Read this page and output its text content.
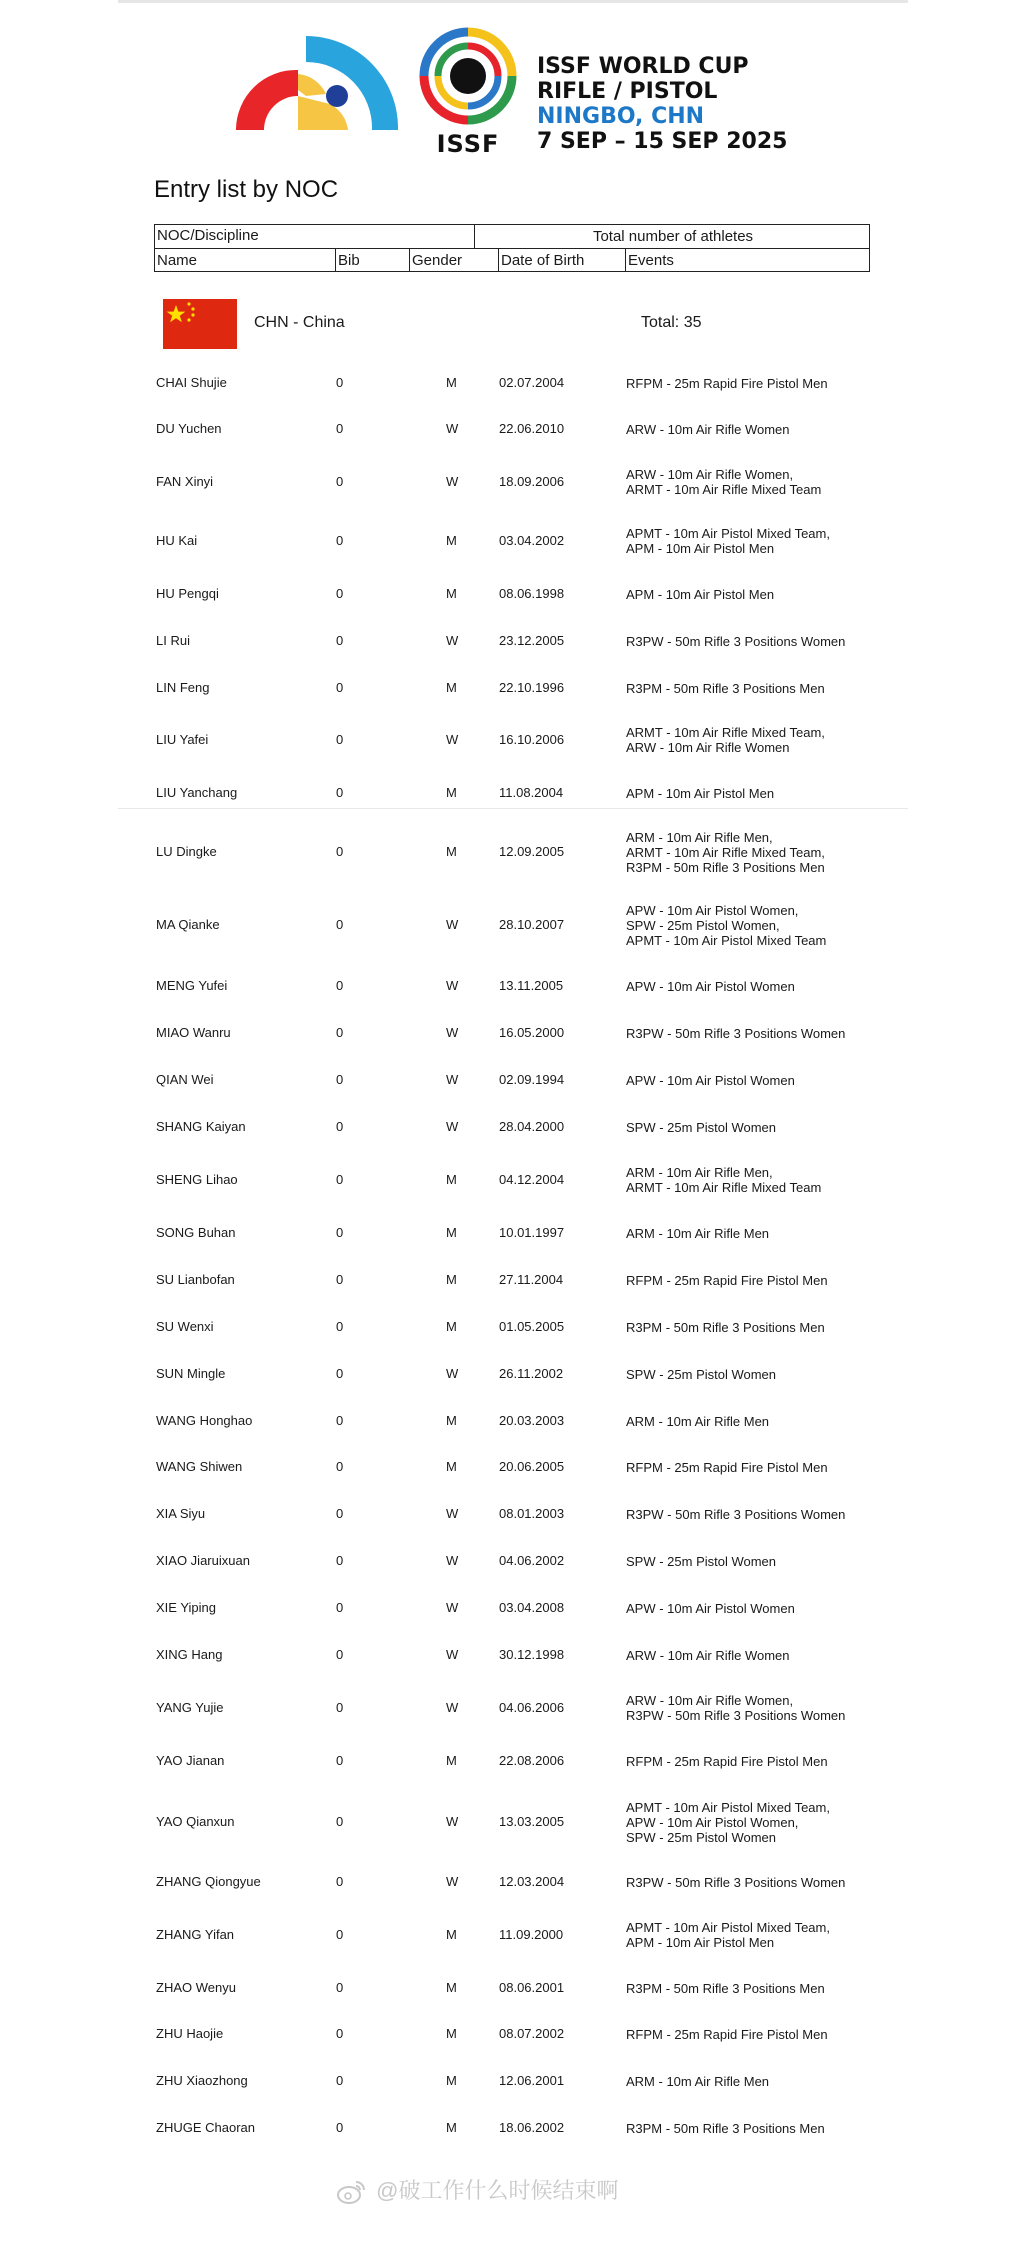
ISSF
ISSF WORLD CUP
RIFLE / PISTOL
NINGBO, CHN
7 SEP – 15 SEP 2025
Entry list by NOC
NOC/Discipline	Total number of athletes
Name	Bib	Gender	Date of Birth	Events
CHN - China	Total: 35
CHAI Shujie	0	M	02.07.2004	RFPM - 25m Rapid Fire Pistol Men
DU Yuchen	0	W	22.06.2010	ARW - 10m Air Rifle Women
FAN Xinyi	0	W	18.09.2006	ARW - 10m Air Rifle Women,
ARMT - 10m Air Rifle Mixed Team
HU Kai	0	M	03.04.2002	APMT - 10m Air Pistol Mixed Team,
APM - 10m Air Pistol Men
HU Pengqi	0	M	08.06.1998	APM - 10m Air Pistol Men
LI Rui	0	W	23.12.2005	R3PW - 50m Rifle 3 Positions Women
LIN Feng	0	M	22.10.1996	R3PM - 50m Rifle 3 Positions Men
LIU Yafei	0	W	16.10.2006	ARMT - 10m Air Rifle Mixed Team,
ARW - 10m Air Rifle Women
LIU Yanchang	0	M	11.08.2004	APM - 10m Air Pistol Men
LU Dingke	0	M	12.09.2005
ARM - 10m Air Rifle Men,
ARMT - 10m Air Rifle Mixed Team,
R3PM - 50m Rifle 3 Positions Men
MA Qianke	0	W	28.10.2007
APW - 10m Air Pistol Women,
SPW - 25m Pistol Women,
APMT - 10m Air Pistol Mixed Team
MENG Yufei	0	W	13.11.2005	APW - 10m Air Pistol Women
MIAO Wanru	0	W	16.05.2000	R3PW - 50m Rifle 3 Positions Women
QIAN Wei	0	W	02.09.1994	APW - 10m Air Pistol Women
SHANG Kaiyan	0	W	28.04.2000	SPW - 25m Pistol Women
SHENG Lihao	0	M	04.12.2004	ARM - 10m Air Rifle Men,
ARMT - 10m Air Rifle Mixed Team
SONG Buhan	0	M	10.01.1997	ARM - 10m Air Rifle Men
SU Lianbofan	0	M	27.11.2004	RFPM - 25m Rapid Fire Pistol Men
SU Wenxi	0	M	01.05.2005	R3PM - 50m Rifle 3 Positions Men
SUN Mingle	0	W	26.11.2002	SPW - 25m Pistol Women
WANG Honghao	0	M	20.03.2003	ARM - 10m Air Rifle Men
WANG Shiwen	0	M	20.06.2005	RFPM - 25m Rapid Fire Pistol Men
XIA Siyu	0	W	08.01.2003	R3PW - 50m Rifle 3 Positions Women
XIAO Jiaruixuan	0	W	04.06.2002	SPW - 25m Pistol Women
XIE Yiping	0	W	03.04.2008	APW - 10m Air Pistol Women
XING Hang	0	W	30.12.1998	ARW - 10m Air Rifle Women
YANG Yujie	0	W	04.06.2006	ARW - 10m Air Rifle Women,
R3PW - 50m Rifle 3 Positions Women
YAO Jianan	0	M	22.08.2006	RFPM - 25m Rapid Fire Pistol Men
YAO Qianxun	0	W	13.03.2005
APMT - 10m Air Pistol Mixed Team,
APW - 10m Air Pistol Women,
SPW - 25m Pistol Women
ZHANG Qiongyue	0	W	12.03.2004	R3PW - 50m Rifle 3 Positions Women
ZHANG Yifan	0	M	11.09.2000	APMT - 10m Air Pistol Mixed Team,
APM - 10m Air Pistol Men
ZHAO Wenyu	0	M	08.06.2001	R3PM - 50m Rifle 3 Positions Men
ZHU Haojie	0	M	08.07.2002	RFPM - 25m Rapid Fire Pistol Men
ZHU Xiaozhong	0	M	12.06.2001	ARM - 10m Air Rifle Men
ZHUGE Chaoran	0	M	18.06.2002	R3PM - 50m Rifle 3 Positions Men
@破工作什么时候结束啊
